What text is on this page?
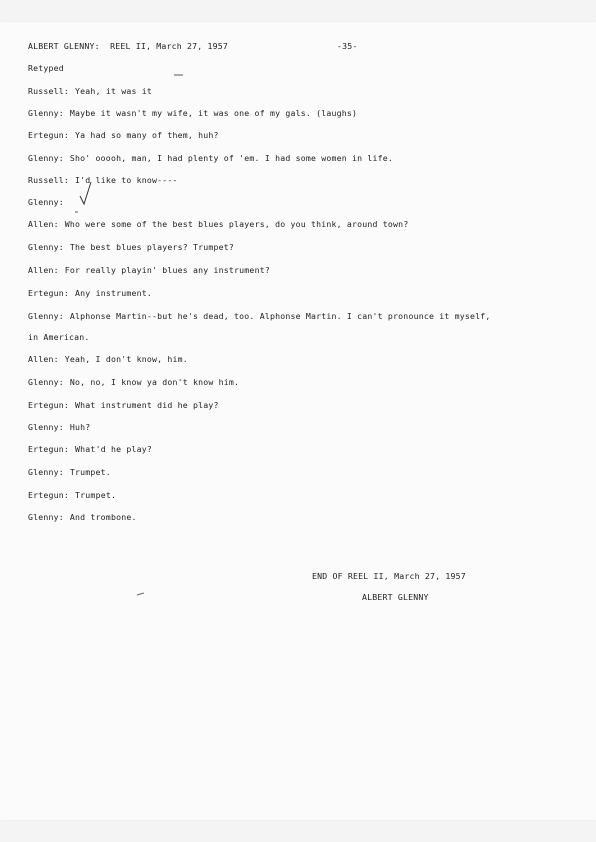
ALBERT GLENNY:  REEL II, March 27, 1957	-35-
Retyped
Russell: Yeah, it was it
Glenny: Maybe it wasn't my wife, it was one of my gals. (laughs)
Ertegun: Ya had so many of them, huh?
Glenny: Sho' ooooh, man, I had plenty of 'em. I had some women in life.
Russell: I'd like to know----
Glenny:
Allen: Who were some of the best blues players, do you think, around town?
Glenny: The best blues players? Trumpet?
Allen: For really playin' blues any instrument?
Ertegun: Any instrument.
Glenny: Alphonse Martin--but he's dead, too. Alphonse Martin. I can't pronounce it myself,
in American.
Allen: Yeah, I don't know, him.
Glenny: No, no, I know ya don't know him.
Ertegun: What instrument did he play?
Glenny: Huh?
Ertegun: What'd he play?
Glenny: Trumpet.
Ertegun: Trumpet.
Glenny: And trombone.
END OF REEL II, March 27, 1957
ALBERT GLENNY
